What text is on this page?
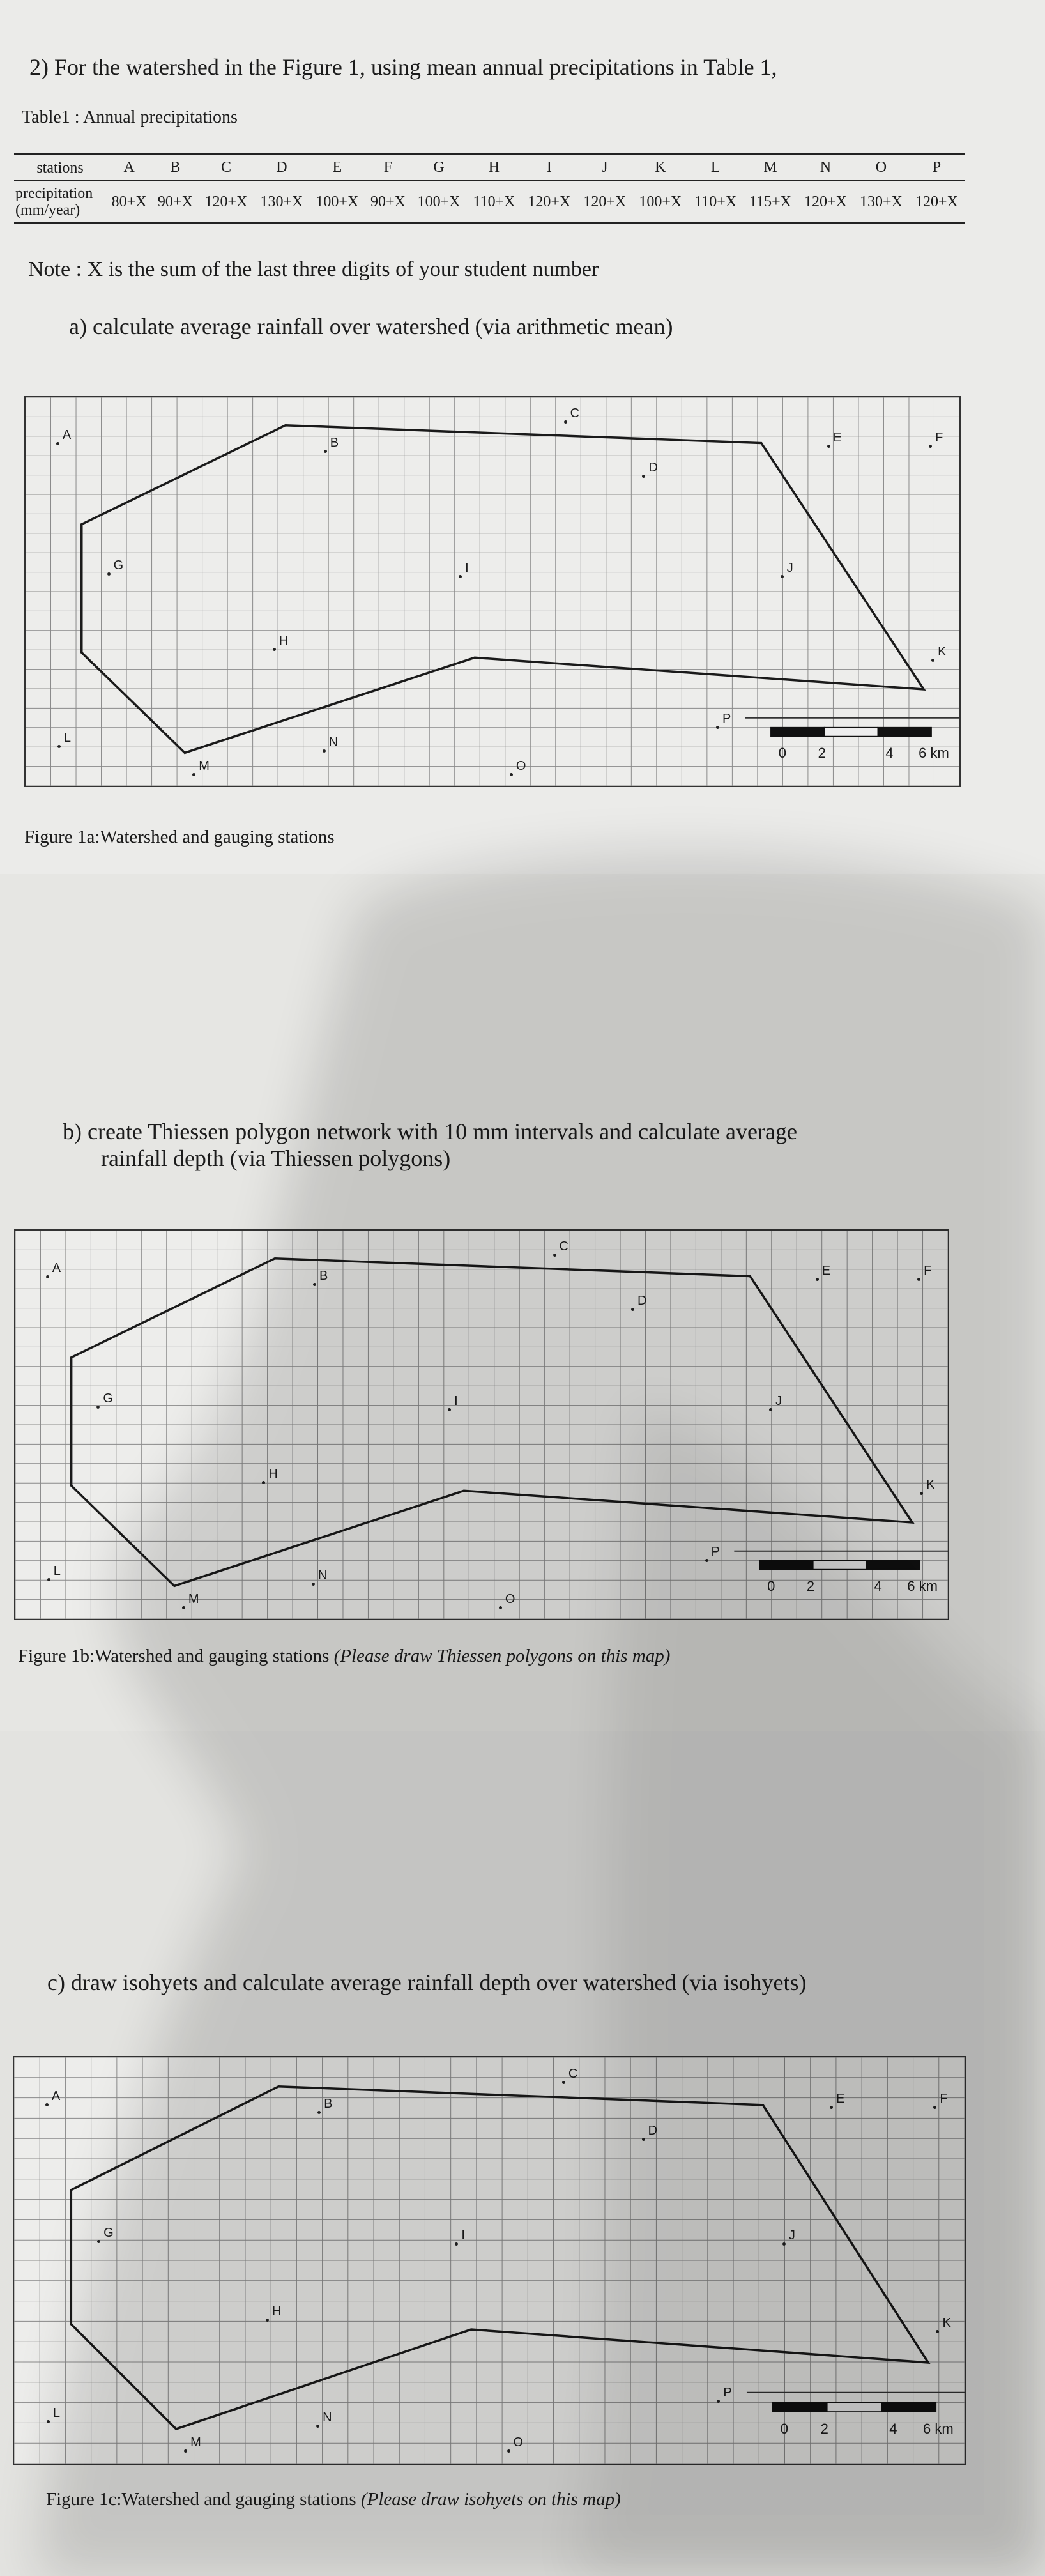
2) For the watershed in the Figure 1, using mean annual precipitations in Table 1,
Table1 : Annual precipitations
stations	A	B	C	D	E	F	G	H	I	J	K	L	M	N	O	P
precipitation (mm/year)	80+X	90+X	120+X	130+X	100+X	90+X	100+X	110+X	120+X	120+X	100+X	110+X	115+X	120+X	130+X	120+X
Note : X is the sum of the last three digits of your student number
a) calculate average rainfall over watershed (via arithmetic mean)
A
B
C
D
E	F
G
H
I	J
K
L
M
N
O
P
0 2	4 6 km
Figure 1a:Watershed and gauging stations
b) create Thiessen polygon network with 10 mm intervals and calculate average
rainfall depth (via Thiessen polygons)
A
B
C
D
E	F
G
H
I	J
K
L
M
N
O
P
0 2	4 6 km
Figure 1b:Watershed and gauging stations (Please draw Thiessen polygons on this map)
c) draw isohyets and calculate average rainfall depth over watershed (via isohyets)
A
B
C
D
E	F
G
H
I	J
K
L
M
N
O
P
0 2	4 6 km
Figure 1c:Watershed and gauging stations (Please draw isohyets on this map)
